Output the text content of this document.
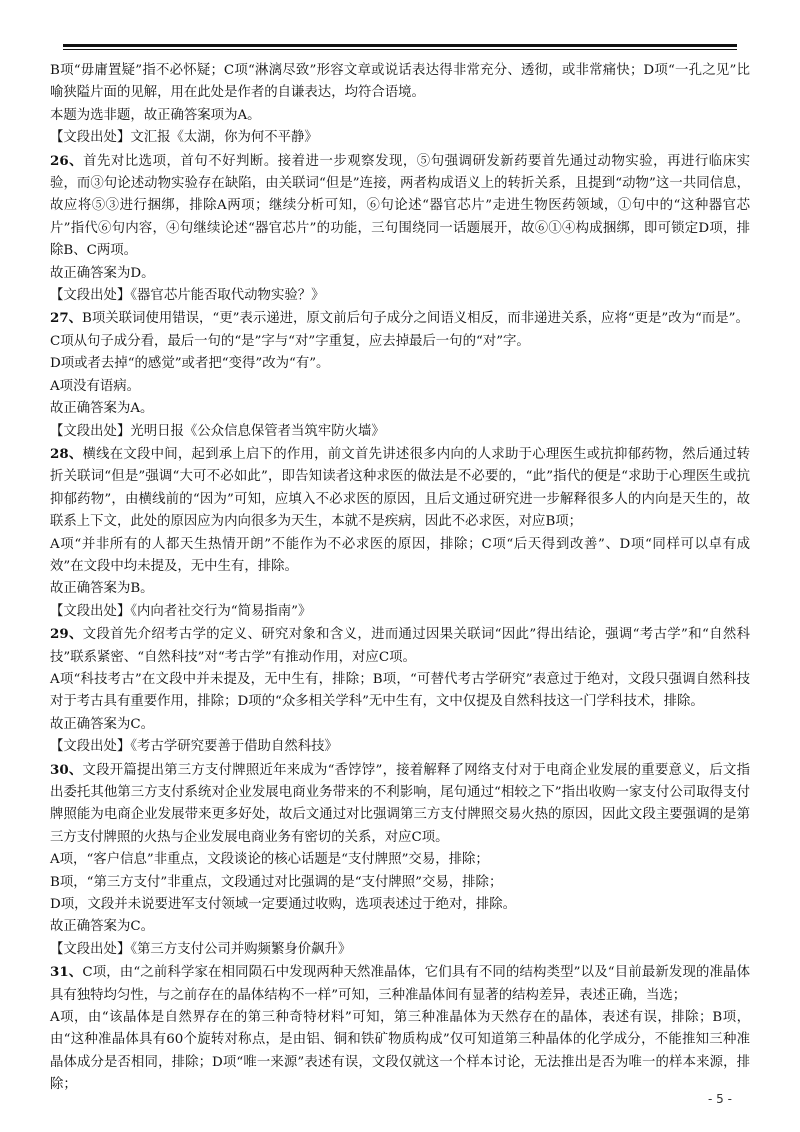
B项“毋庸置疑”指不必怀疑；C项“淋漓尽致”形容文章或说话表达得非常充分、透彻，或非常痛快；D项“一孔之见”比喻狭隘片面的见解，用在此处是作者的自谦表达，均符合语境。

本题为选非题，故正确答案项为A。

【文段出处】文汇报《太湖，你为何不平静》

26、首先对比选项，首句不好判断。接着进一步观察发现，⑤句强调研发新药要首先通过动物实验，再进行临床实验，而③句论述动物实验存在缺陷，由关联词“但是”连接，两者构成语义上的转折关系，且提到“动物”这一共同信息，故应将⑤③进行捆绑，排除A两项；继续分析可知，⑥句论述“器官芯片”走进生物医药领域，①句中的“这种器官芯片”指代⑥句内容，④句继续论述“器官芯片”的功能，三句围绕同一话题展开，故⑥①④构成捆绑，即可锁定D项，排除B、C两项。

故正确答案为D。

【文段出处】《器官芯片能否取代动物实验？》

27、B项关联词使用错误，“更”表示递进，原文前后句子成分之间语义相反，而非递进关系，应将“更是”改为“而是”。

C项从句子成分看，最后一句的“是”字与“对”字重复，应去掉最后一句的“对”字。

D项或者去掉“的感觉”或者把“变得”改为“有”。

A项没有语病。

故正确答案为A。

【文段出处】光明日报《公众信息保管者当筑牢防火墙》

28、横线在文段中间，起到承上启下的作用，前文首先讲述很多内向的人求助于心理医生或抗抑郁药物，然后通过转折关联词“但是”强调“大可不必如此”，即告知读者这种求医的做法是不必要的，“此”指代的便是“求助于心理医生或抗抑郁药物”，由横线前的“因为”可知，应填入不必求医的原因，且后文通过研究进一步解释很多人的内向是天生的，故联系上下文，此处的原因应为内向很多为天生，本就不是疾病，因此不必求医，对应B项；

A项“并非所有的人都天生热情开朗”不能作为不必求医的原因，排除；C项“后天得到改善”、D项“同样可以卓有成效”在文段中均未提及，无中生有，排除。

故正确答案为B。

【文段出处】《内向者社交行为“简易指南”》

29、文段首先介绍考古学的定义、研究对象和含义，进而通过因果关联词“因此”得出结论，强调“考古学”和“自然科技”联系紧密、“自然科技”对“考古学”有推动作用，对应C项。

A项“科技考古”在文段中并未提及，无中生有，排除；B项，“可替代考古学研究”表意过于绝对，文段只强调自然科技对于考古具有重要作用，排除；D项的“众多相关学科”无中生有，文中仅提及自然科技这一门学科技术，排除。

故正确答案为C。

【文段出处】《考古学研究要善于借助自然科技》

30、文段开篇提出第三方支付牌照近年来成为“香饽饽”，接着解释了网络支付对于电商企业发展的重要意义，后文指出委托其他第三方支付系统对企业发展电商业务带来的不利影响，尾句通过“相较之下”指出收购一家支付公司取得支付牌照能为电商企业发展带来更多好处，故后文通过对比强调第三方支付牌照交易火热的原因，因此文段主要强调的是第三方支付牌照的火热与企业发展电商业务有密切的关系，对应C项。

A项，“客户信息”非重点，文段谈论的核心话题是“支付牌照”交易，排除；

B项，“第三方支付”非重点，文段通过对比强调的是“支付牌照”交易，排除；

D项，文段并未说要进军支付领域一定要通过收购，选项表述过于绝对，排除。

故正确答案为C。

【文段出处】《第三方支付公司并购频繁身价飙升》

31、C项，由“之前科学家在相同陨石中发现两种天然准晶体，它们具有不同的结构类型”以及“目前最新发现的准晶体具有独特均匀性，与之前存在的晶体结构不一样”可知，三种准晶体间有显著的结构差异，表述正确，当选；

A项，由“该晶体是自然界存在的第三种奇特材料”可知，第三种准晶体为天然存在的晶体，表述有误，排除；B项，由“这种准晶体具有60个旋转对称点，是由铝、铜和铁矿物质构成”仅可知道第三种晶体的化学成分，不能推知三种准晶体成分是否相同，排除；D项“唯一来源”表述有误，文段仅就这一个样本讨论，无法推出是否为唯一的样本来源，排除；

- 5 -
